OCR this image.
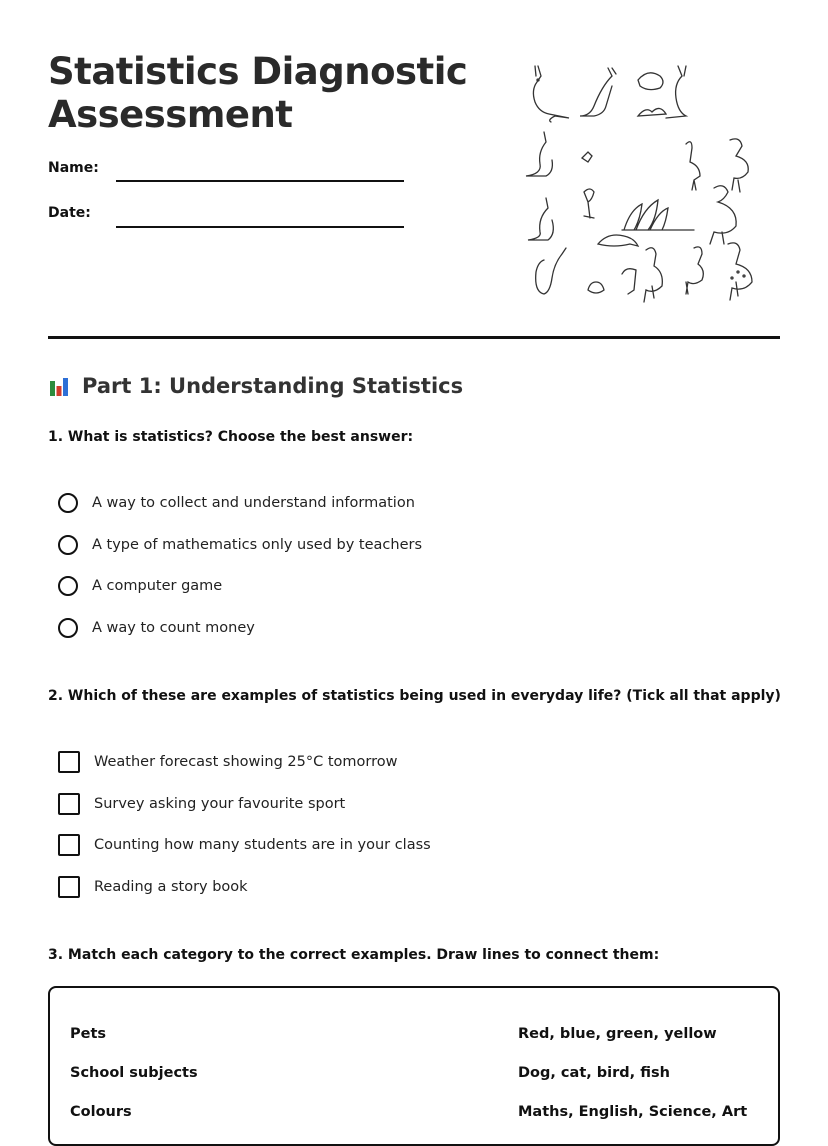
Statistics Diagnostic Assessment
Name:
Date:
Part 1: Understanding Statistics

1. What is statistics? Choose the best answer:

A way to collect and understand information
A type of mathematics only used by teachers
A computer game
A way to count money

2. Which of these are examples of statistics being used in everyday life? (Tick all that apply)

Weather forecast showing 25°C tomorrow
Survey asking your favourite sport
Counting how many students are in your class
Reading a story book

3. Match each category to the correct examples. Draw lines to connect them:

Pets
School subjects
Colours
Red, blue, green, yellow
Dog, cat, bird, fish
Maths, English, Science, Art
